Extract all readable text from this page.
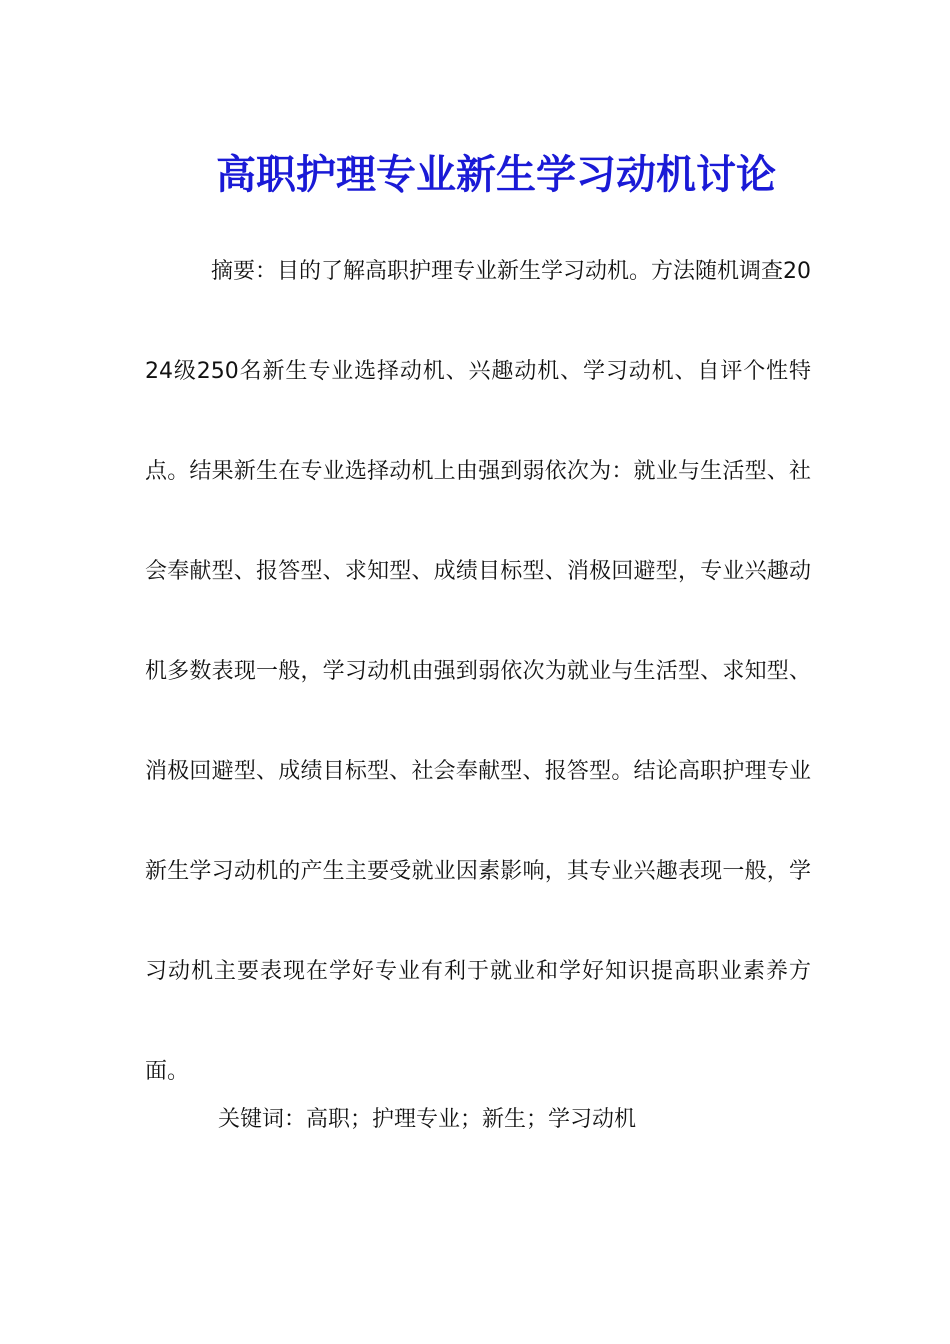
高职护理专业新生学习动机讨论

摘要：目的了解高职护理专业新生学习动机。方法随机调查2024级250名新生专业选择动机、兴趣动机、学习动机、自评个性特点。结果新生在专业选择动机上由强到弱依次为：就业与生活型、社会奉献型、报答型、求知型、成绩目标型、消极回避型，专业兴趣动机多数表现一般，学习动机由强到弱依次为就业与生活型、求知型、消极回避型、成绩目标型、社会奉献型、报答型。结论高职护理专业新生学习动机的产生主要受就业因素影响，其专业兴趣表现一般，学习动机主要表现在学好专业有利于就业和学好知识提高职业素养方面。

关键词：高职；护理专业；新生；学习动机
